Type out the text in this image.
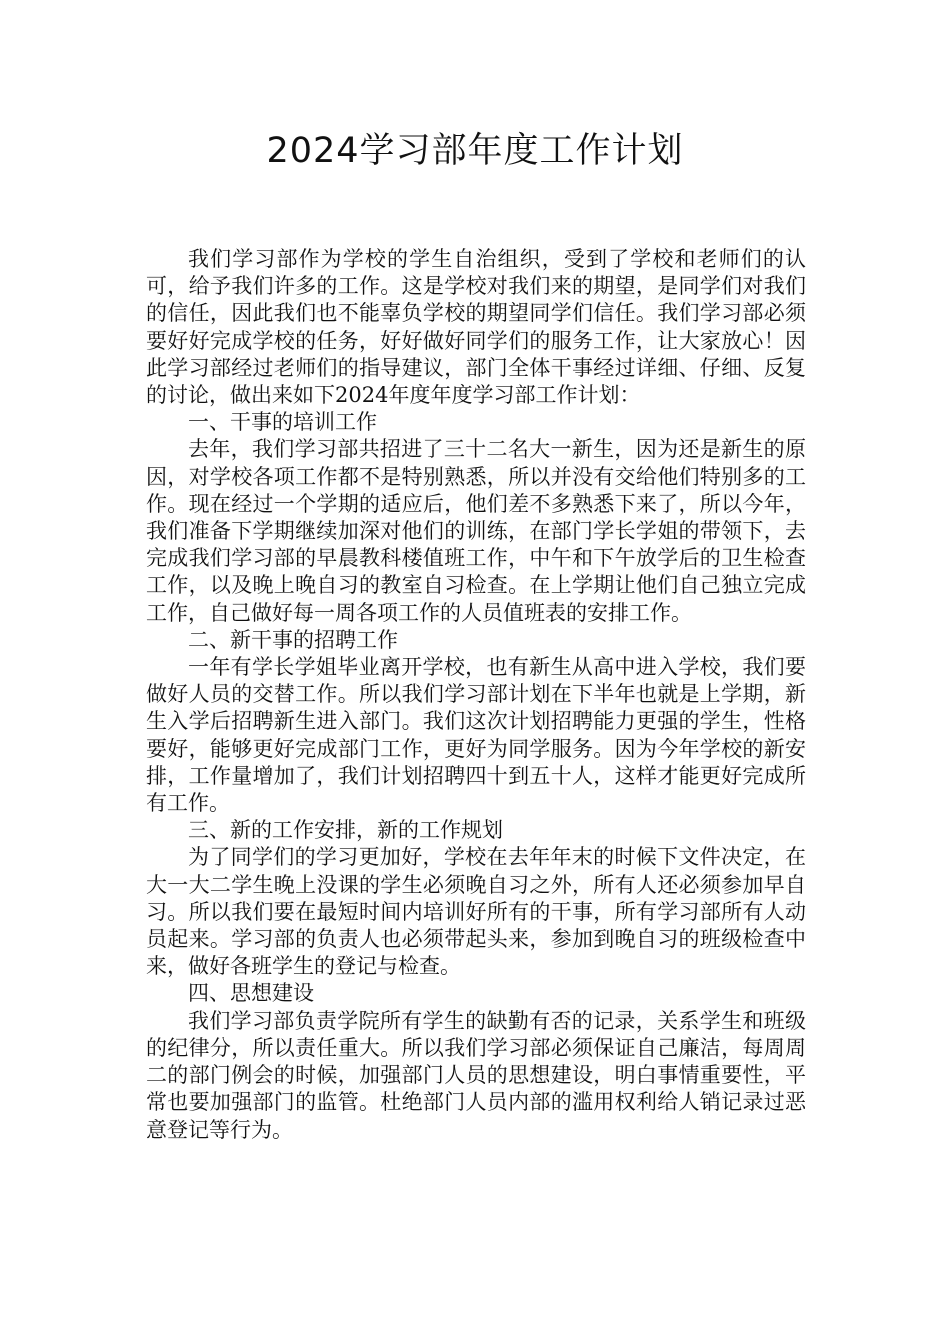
2024学习部年度工作计划

我们学习部作为学校的学生自治组织，受到了学校和老师们的认可，给予我们许多的工作。这是学校对我们来的期望，是同学们对我们的信任，因此我们也不能辜负学校的期望同学们信任。我们学习部必须要好好完成学校的任务，好好做好同学们的服务工作，让大家放心！因此学习部经过老师们的指导建议，部门全体干事经过详细、仔细、反复的讨论，做出来如下2024年度年度学习部工作计划：

一、干事的培训工作

去年，我们学习部共招进了三十二名大一新生，因为还是新生的原因，对学校各项工作都不是特别熟悉，所以并没有交给他们特别多的工作。现在经过一个学期的适应后，他们差不多熟悉下来了，所以今年，我们准备下学期继续加深对他们的训练，在部门学长学姐的带领下，去完成我们学习部的早晨教科楼值班工作，中午和下午放学后的卫生检查工作，以及晚上晚自习的教室自习检查。在上学期让他们自己独立完成工作，自己做好每一周各项工作的人员值班表的安排工作。

二、新干事的招聘工作

一年有学长学姐毕业离开学校，也有新生从高中进入学校，我们要做好人员的交替工作。所以我们学习部计划在下半年也就是上学期，新生入学后招聘新生进入部门。我们这次计划招聘能力更强的学生，性格要好，能够更好完成部门工作，更好为同学服务。因为今年学校的新安排，工作量增加了，我们计划招聘四十到五十人，这样才能更好完成所有工作。

三、新的工作安排，新的工作规划

为了同学们的学习更加好，学校在去年年末的时候下文件决定，在大一大二学生晚上没课的学生必须晚自习之外，所有人还必须参加早自习。所以我们要在最短时间内培训好所有的干事，所有学习部所有人动员起来。学习部的负责人也必须带起头来，参加到晚自习的班级检查中来，做好各班学生的登记与检查。

四、思想建设

我们学习部负责学院所有学生的缺勤有否的记录，关系学生和班级的纪律分，所以责任重大。所以我们学习部必须保证自己廉洁，每周周二的部门例会的时候，加强部门人员的思想建设，明白事情重要性，平常也要加强部门的监管。杜绝部门人员内部的滥用权利给人销记录过恶意登记等行为。
